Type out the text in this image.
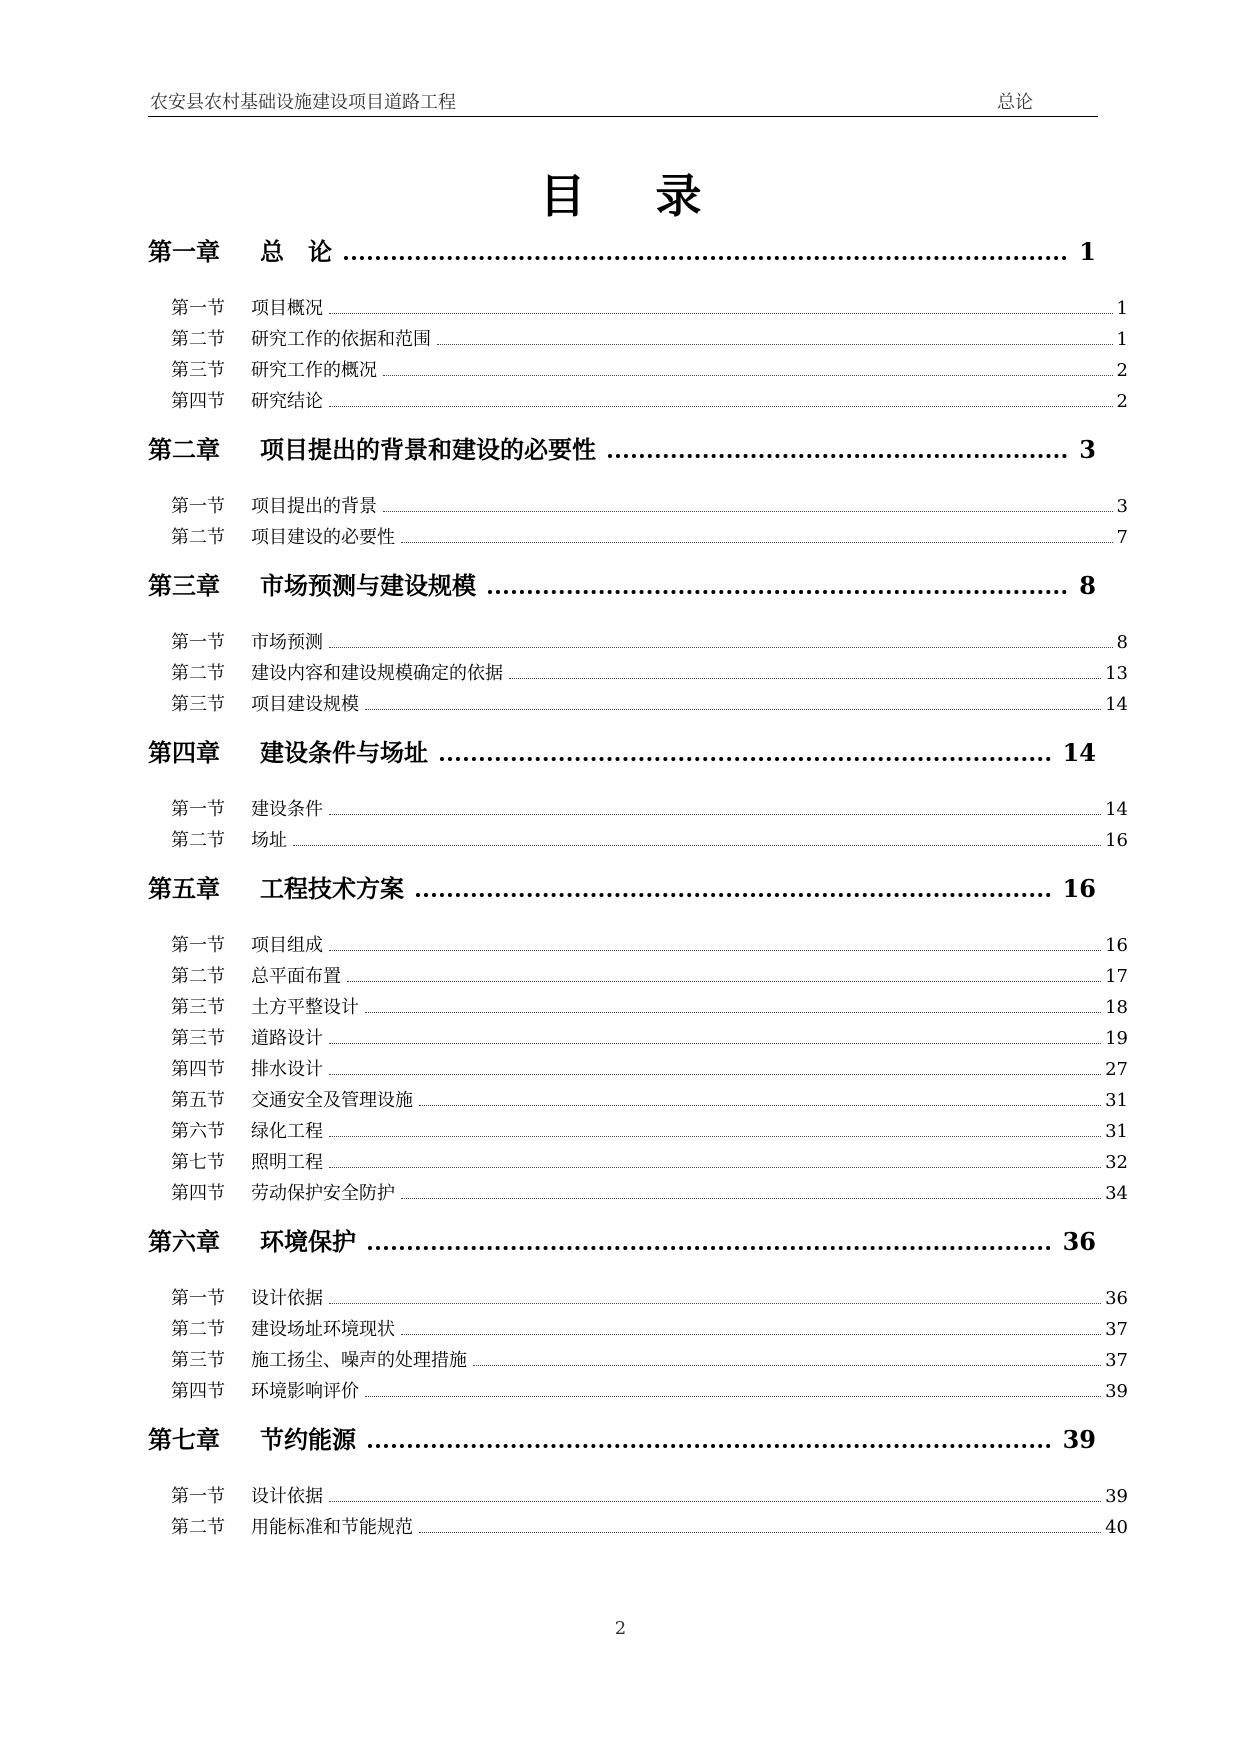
农安县农村基础设施建设项目道路工程	总论
目录
第一章	总　论	1
第一节	项目概况	1
第二节	研究工作的依据和范围	1
第三节	研究工作的概况	2
第四节	研究结论	2
第二章	项目提出的背景和建设的必要性	3
第一节	项目提出的背景	3
第二节	项目建设的必要性	7
第三章	市场预测与建设规模	8
第一节	市场预测	8
第二节	建设内容和建设规模确定的依据	13
第三节	项目建设规模	14
第四章	建设条件与场址	14
第一节	建设条件	14
第二节	场址	16
第五章	工程技术方案	16
第一节	项目组成	16
第二节	总平面布置	17
第三节	土方平整设计	18
第三节	道路设计	19
第四节	排水设计	27
第五节	交通安全及管理设施	31
第六节	绿化工程	31
第七节	照明工程	32
第四节	劳动保护安全防护	34
第六章	环境保护	36
第一节	设计依据	36
第二节	建设场址环境现状	37
第三节	施工扬尘、噪声的处理措施	37
第四节	环境影响评价	39
第七章	节约能源	39
第一节	设计依据	39
第二节	用能标准和节能规范	40
2
